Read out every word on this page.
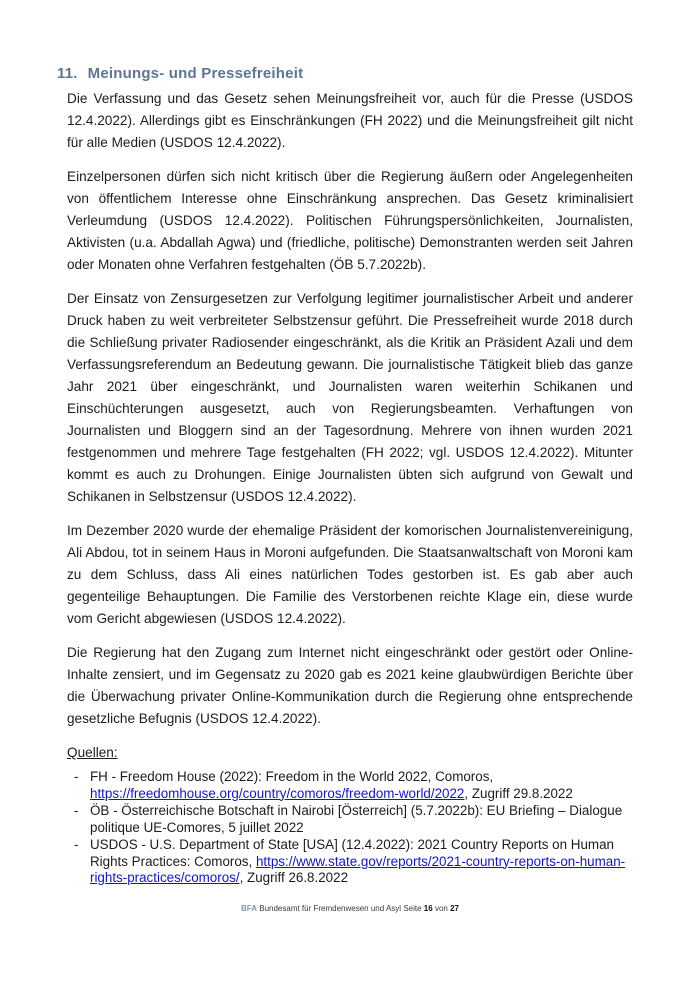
11. Meinungs- und Pressefreiheit

Die Verfassung und das Gesetz sehen Meinungsfreiheit vor, auch für die Presse (USDOS 12.4.2022). Allerdings gibt es Einschränkungen (FH 2022) und die Meinungsfreiheit gilt nicht für alle Medien (USDOS 12.4.2022).

Einzelpersonen dürfen sich nicht kritisch über die Regierung äußern oder Angelegenheiten von öffentlichem Interesse ohne Einschränkung ansprechen. Das Gesetz kriminalisiert Verleumdung (USDOS 12.4.2022). Politischen Führungspersönlichkeiten, Journalisten, Aktivisten (u.a. Abdallah Agwa) und (friedliche, politische) Demonstranten werden seit Jahren oder Monaten ohne Verfahren festgehalten (ÖB 5.7.2022b).

Der Einsatz von Zensurgesetzen zur Verfolgung legitimer journalistischer Arbeit und anderer Druck haben zu weit verbreiteter Selbstzensur geführt. Die Pressefreiheit wurde 2018 durch die Schließung privater Radiosender eingeschränkt, als die Kritik an Präsident Azali und dem Verfassungsreferendum an Bedeutung gewann. Die journalistische Tätigkeit blieb das ganze Jahr 2021 über eingeschränkt, und Journalisten waren weiterhin Schikanen und Einschüchterungen ausgesetzt, auch von Regierungsbeamten. Verhaftungen von Journalisten und Bloggern sind an der Tagesordnung. Mehrere von ihnen wurden 2021 festgenommen und mehrere Tage festgehalten (FH 2022; vgl. USDOS 12.4.2022). Mitunter kommt es auch zu Drohungen. Einige Journalisten übten sich aufgrund von Gewalt und Schikanen in Selbstzensur (USDOS 12.4.2022).

Im Dezember 2020 wurde der ehemalige Präsident der komorischen Journalistenvereinigung, Ali Abdou, tot in seinem Haus in Moroni aufgefunden. Die Staatsanwaltschaft von Moroni kam zu dem Schluss, dass Ali eines natürlichen Todes gestorben ist. Es gab aber auch gegenteilige Behauptungen. Die Familie des Verstorbenen reichte Klage ein, diese wurde vom Gericht abgewiesen (USDOS 12.4.2022).

Die Regierung hat den Zugang zum Internet nicht eingeschränkt oder gestört oder Online-Inhalte zensiert, und im Gegensatz zu 2020 gab es 2021 keine glaubwürdigen Berichte über die Überwachung privater Online-Kommunikation durch die Regierung ohne entsprechende gesetzliche Befugnis (USDOS 12.4.2022).

Quellen:
- FH - Freedom House (2022): Freedom in the World 2022, Comoros, https://freedomhouse.org/country/comoros/freedom-world/2022, Zugriff 29.8.2022
- ÖB - Österreichische Botschaft in Nairobi [Österreich] (5.7.2022b): EU Briefing – Dialogue politique UE-Comores, 5 juillet 2022
- USDOS - U.S. Department of State [USA] (12.4.2022): 2021 Country Reports on Human Rights Practices: Comoros, https://www.state.gov/reports/2021-country-reports-on-human-rights-practices/comoros/, Zugriff 26.8.2022
BFA Bundesamt für Fremdenwesen und Asyl Seite 16 von 27
